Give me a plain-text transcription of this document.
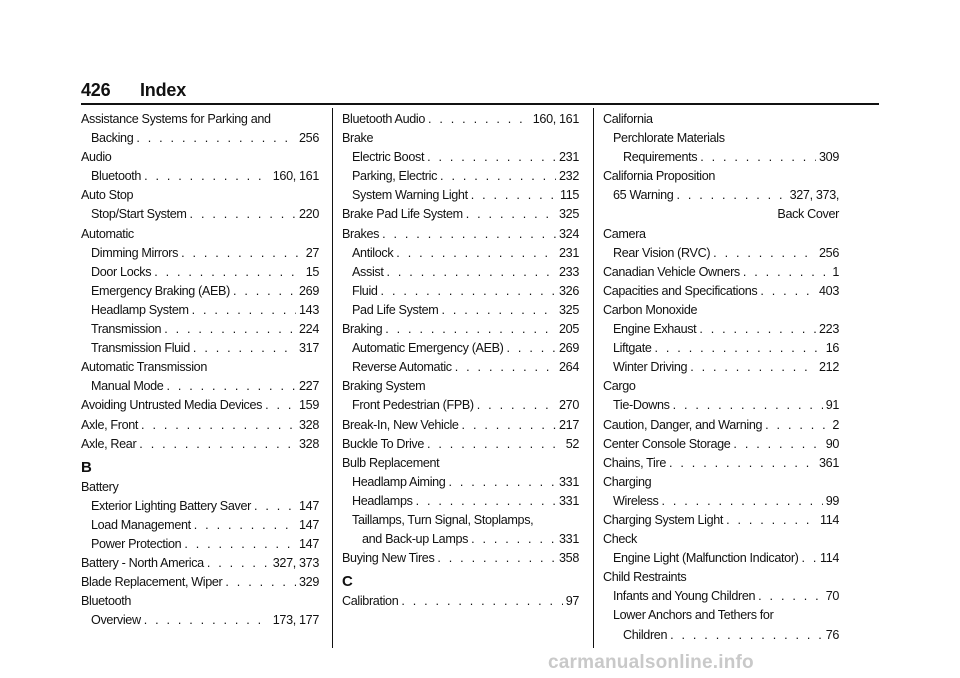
426 Index
Assistance Systems for Parking and
Backing . . .	256
Audio
Bluetooth . . .	160, 161
Auto Stop
Stop/Start System . . .	220
Automatic
Dimming Mirrors . . .	27
Door Locks . . .	15
Emergency Braking (AEB) . . .	269
Headlamp System . . .	143
Transmission . . .	224
Transmission Fluid . . .	317
Automatic Transmission
Manual Mode . . .	227
Avoiding Untrusted Media Devices . . .	159
Axle, Front . . .	328
Axle, Rear . . .	328
B
Battery
Exterior Lighting Battery Saver . . .	147
Load Management . . .	147
Power Protection . . .	147
Battery - North America . . .	327, 373
Blade Replacement, Wiper . . .	329
Bluetooth
Overview . . .	173, 177
Bluetooth Audio . . .	160, 161
Brake
Electric Boost . . .	231
Parking, Electric . . .	232
System Warning Light . . .	115
Brake Pad Life System . . .	325
Brakes . . .	324
Antilock . . .	231
Assist . . .	233
Fluid . . .	326
Pad Life System . . .	325
Braking . . .	205
Automatic Emergency (AEB) . . .	269
Reverse Automatic . . .	264
Braking System
Front Pedestrian (FPB) . . .	270
Break-In, New Vehicle . . .	217
Buckle To Drive . . .	52
Bulb Replacement
Headlamp Aiming . . .	331
Headlamps . . .	331
Taillamps, Turn Signal, Stoplamps,
and Back-up Lamps . . .	331
Buying New Tires . . .	358
C
Calibration . . .	97
California
Perchlorate Materials
Requirements . . .	309
California Proposition
65 Warning . . .	327, 373,
Back Cover
Camera
Rear Vision (RVC) . . .	256
Canadian Vehicle Owners . . .	1
Capacities and Specifications . . .	403
Carbon Monoxide
Engine Exhaust . . .	223
Liftgate . . .	16
Winter Driving . . .	212
Cargo
Tie-Downs . . .	91
Caution, Danger, and Warning . . .	2
Center Console Storage . . .	90
Chains, Tire . . .	361
Charging
Wireless . . .	99
Charging System Light . . .	114
Check
Engine Light (Malfunction Indicator) . . . 114
Child Restraints
Infants and Young Children . . .	70
Lower Anchors and Tethers for
Children . . .	76
carmanualsonline.info
